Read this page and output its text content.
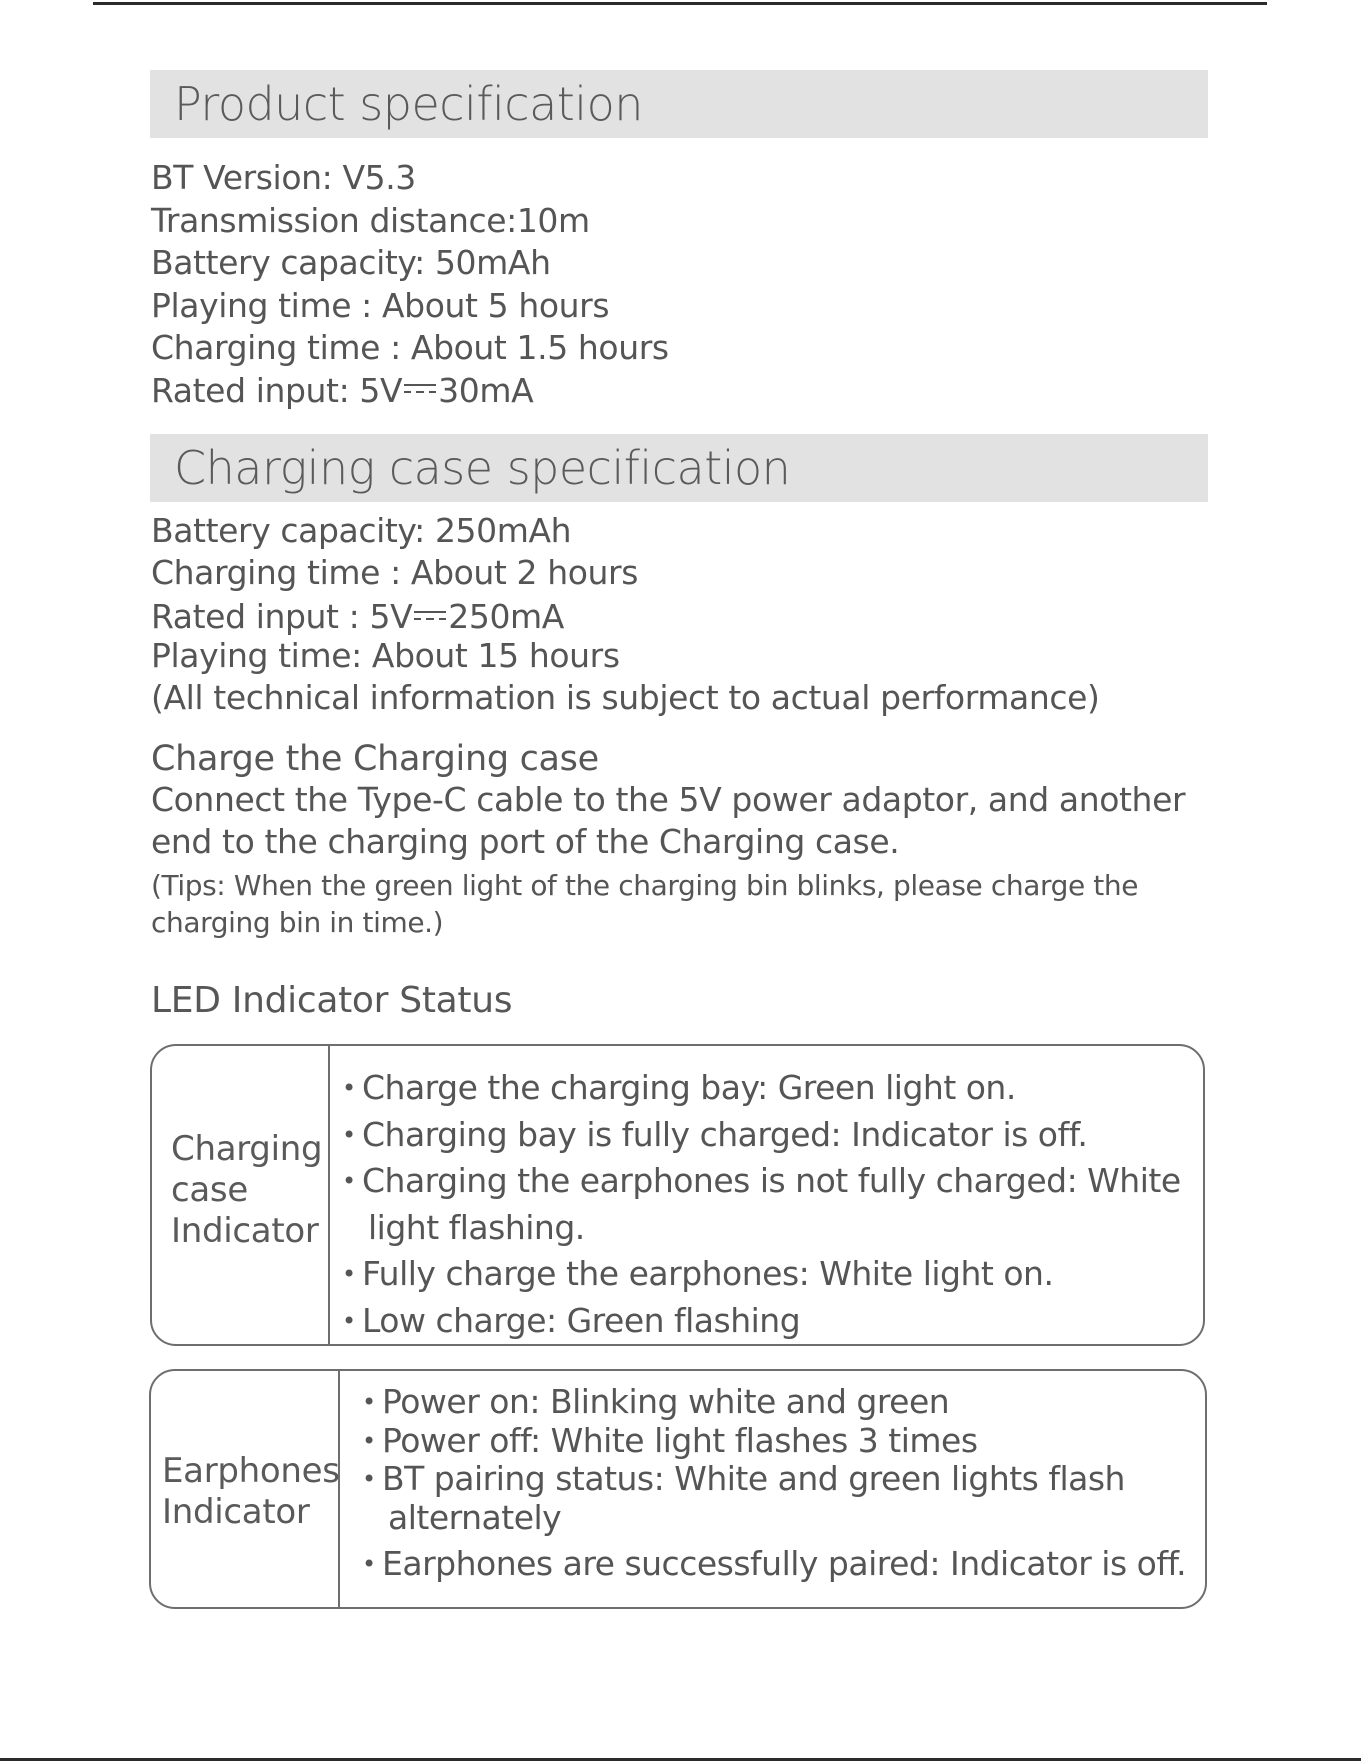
Product specification
BT Version: V5.3
Transmission distance:10m
Battery capacity: 50mAh
Playing time : About 5 hours
Charging time : About 1.5 hours
Rated input: 5V 30mA
Charging case specification
Battery capacity: 250mAh
Charging time : About 2 hours
Rated input : 5V 250mA
Playing time: About 15 hours
(All technical information is subject to actual performance)
Charge the Charging case
Connect the Type-C cable to the 5V power adaptor, and another
end to the charging port of the Charging case.
(Tips: When the green light of the charging bin blinks, please charge the
charging bin in time.)
LED Indicator Status
Charging
case
Indicator
• Charge the charging bay: Green light on.
• Charging bay is fully charged: Indicator is off.
• Charging the earphones is not fully charged: White
light flashing.
• Fully charge the earphones: White light on.
• Low charge: Green flashing
Earphones
Indicator
• Power on: Blinking white and green
• Power off: White light flashes 3 times
• BT pairing status: White and green lights flash
alternately
• Earphones are successfully paired: Indicator is off.
